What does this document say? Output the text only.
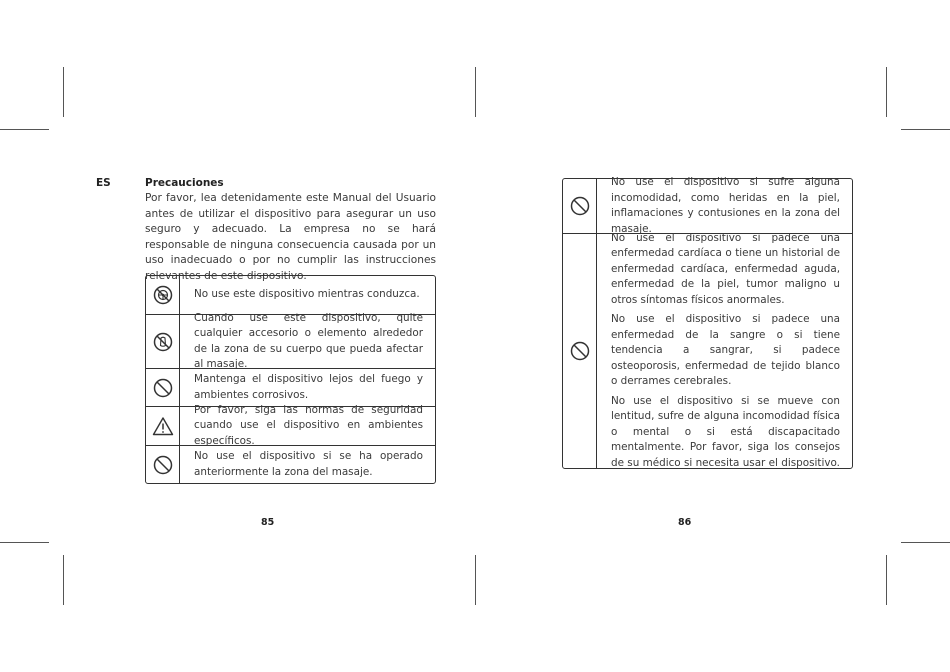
ES	Precauciones
Por favor, lea detenidamente este Manual del Usuario antes de utilizar el dispositivo para asegurar un uso seguro y adecuado. La empresa no se hará responsable de ninguna consecuencia causada por un uso inadecuado o por no cumplir las instrucciones relevantes de este dispositivo.
No use este dispositivo mientras conduzca.
Cuando use este dispositivo, quite cualquier accesorio o elemento alrededor de la zona de su cuerpo que pueda afectar al masaje.
Mantenga el dispositivo lejos del fuego y ambientes corrosivos.
Por favor, siga las normas de seguridad cuando use el dispositivo en ambientes específicos.
No use el dispositivo si se ha operado anteriormente la zona del masaje.
85

No use el dispositivo si sufre alguna incomodidad, como heridas en la piel, inflamaciones y contusiones en la zona del masaje.

No use el dispositivo si padece una enfermedad cardíaca o tiene un historial de enfermedad cardíaca, enfermedad aguda, enfermedad de la piel, tumor maligno u otros síntomas físicos anormales.

No use el dispositivo si padece una enfermedad de la sangre o si tiene tendencia a sangrar, si padece osteoporosis, enfermedad de tejido blanco o derrames cerebrales.

No use el dispositivo si se mueve con lentitud, sufre de alguna incomodidad física o mental o si está discapacitado mentalmente. Por favor, siga los consejos de su médico si necesita usar el dispositivo.

86
